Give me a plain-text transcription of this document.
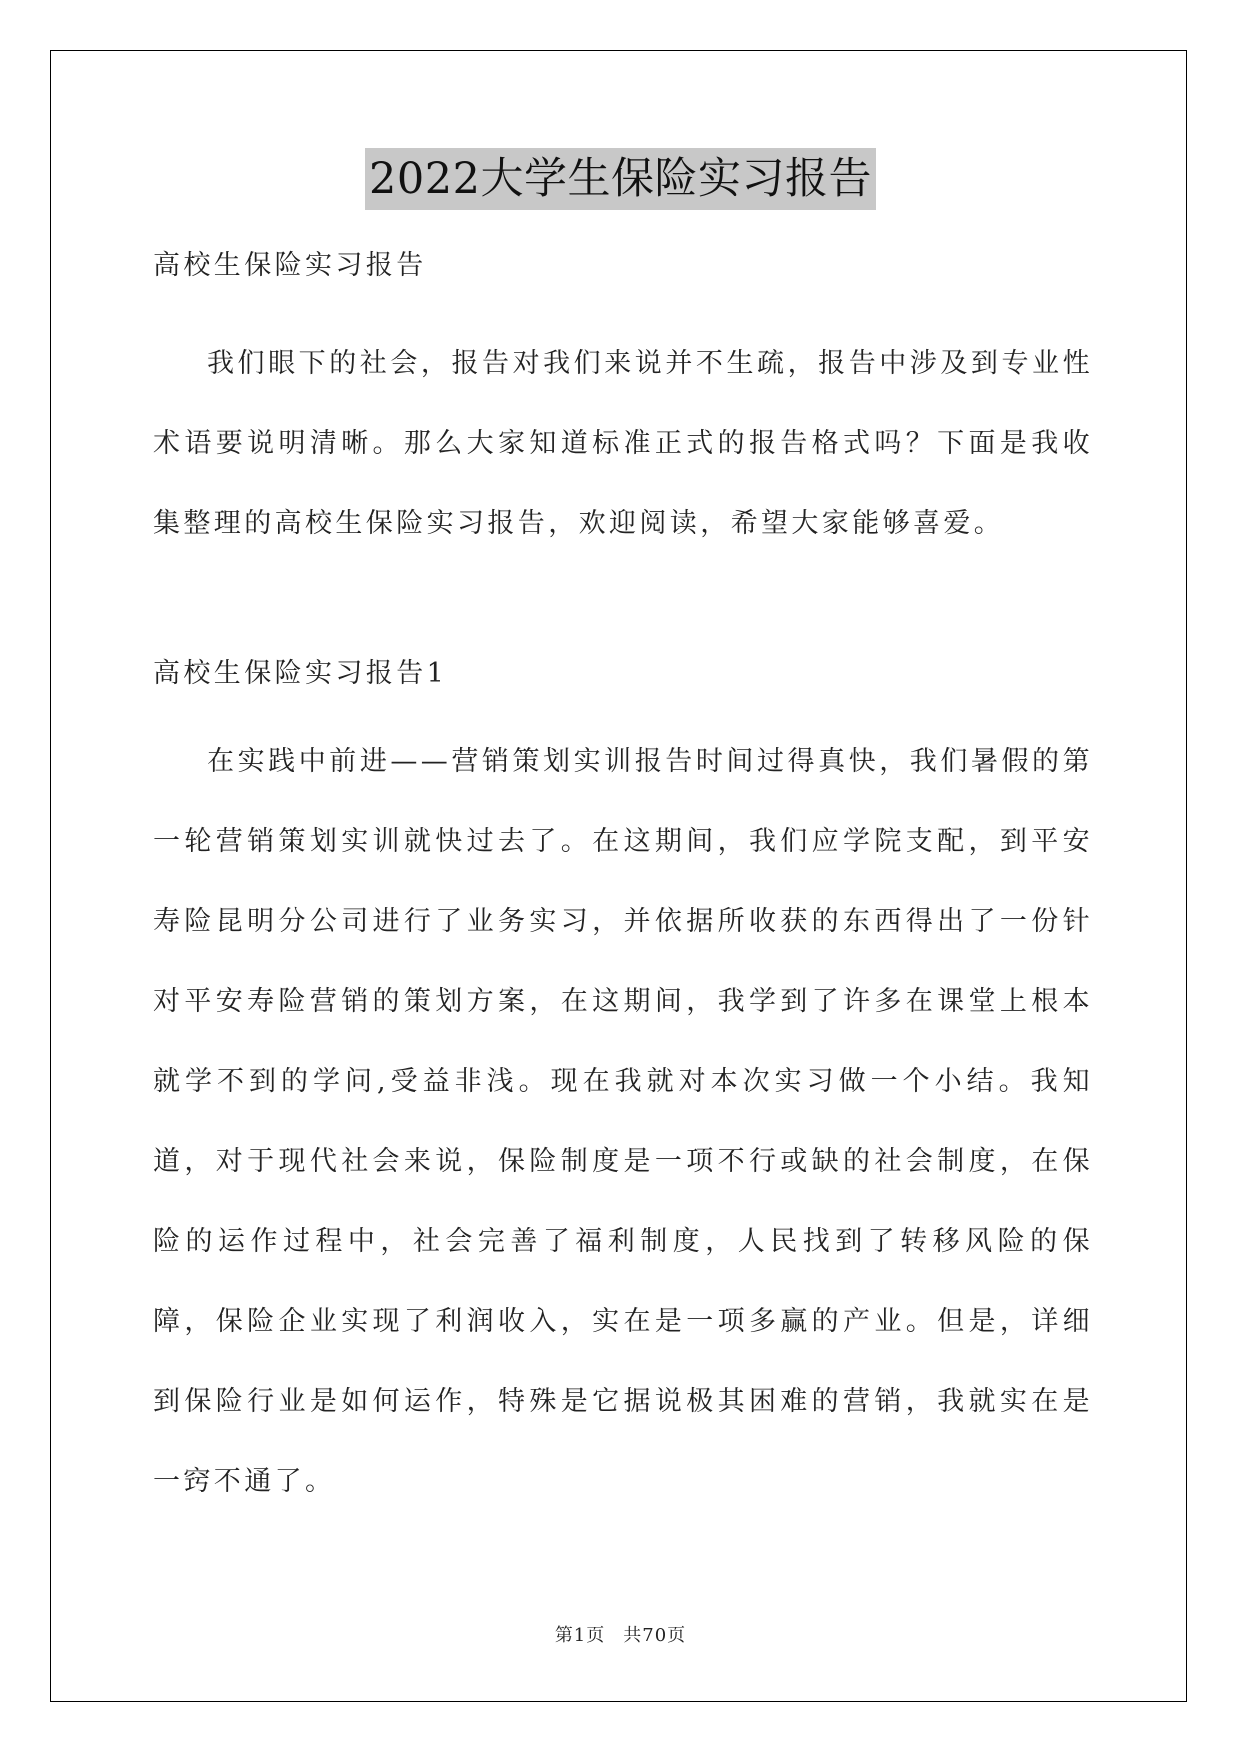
2022大学生保险实习报告

高校生保险实习报告

我们眼下的社会，报告对我们来说并不生疏，报告中涉及到专业性术语要说明清晰。那么大家知道标准正式的报告格式吗？下面是我收集整理的高校生保险实习报告，欢迎阅读，希望大家能够喜爱。

高校生保险实习报告1

在实践中前进——营销策划实训报告时间过得真快，我们暑假的第一轮营销策划实训就快过去了。在这期间，我们应学院支配，到平安寿险昆明分公司进行了业务实习，并依据所收获的东西得出了一份针对平安寿险营销的策划方案，在这期间，我学到了许多在课堂上根本就学不到的学问,受益非浅。现在我就对本次实习做一个小结。我知道，对于现代社会来说，保险制度是一项不行或缺的社会制度，在保险的运作过程中，社会完善了福利制度，人民找到了转移风险的保障，保险企业实现了利润收入，实在是一项多赢的产业。但是，详细到保险行业是如何运作，特殊是它据说极其困难的营销，我就实在是一窍不通了。

第1页 共70页
